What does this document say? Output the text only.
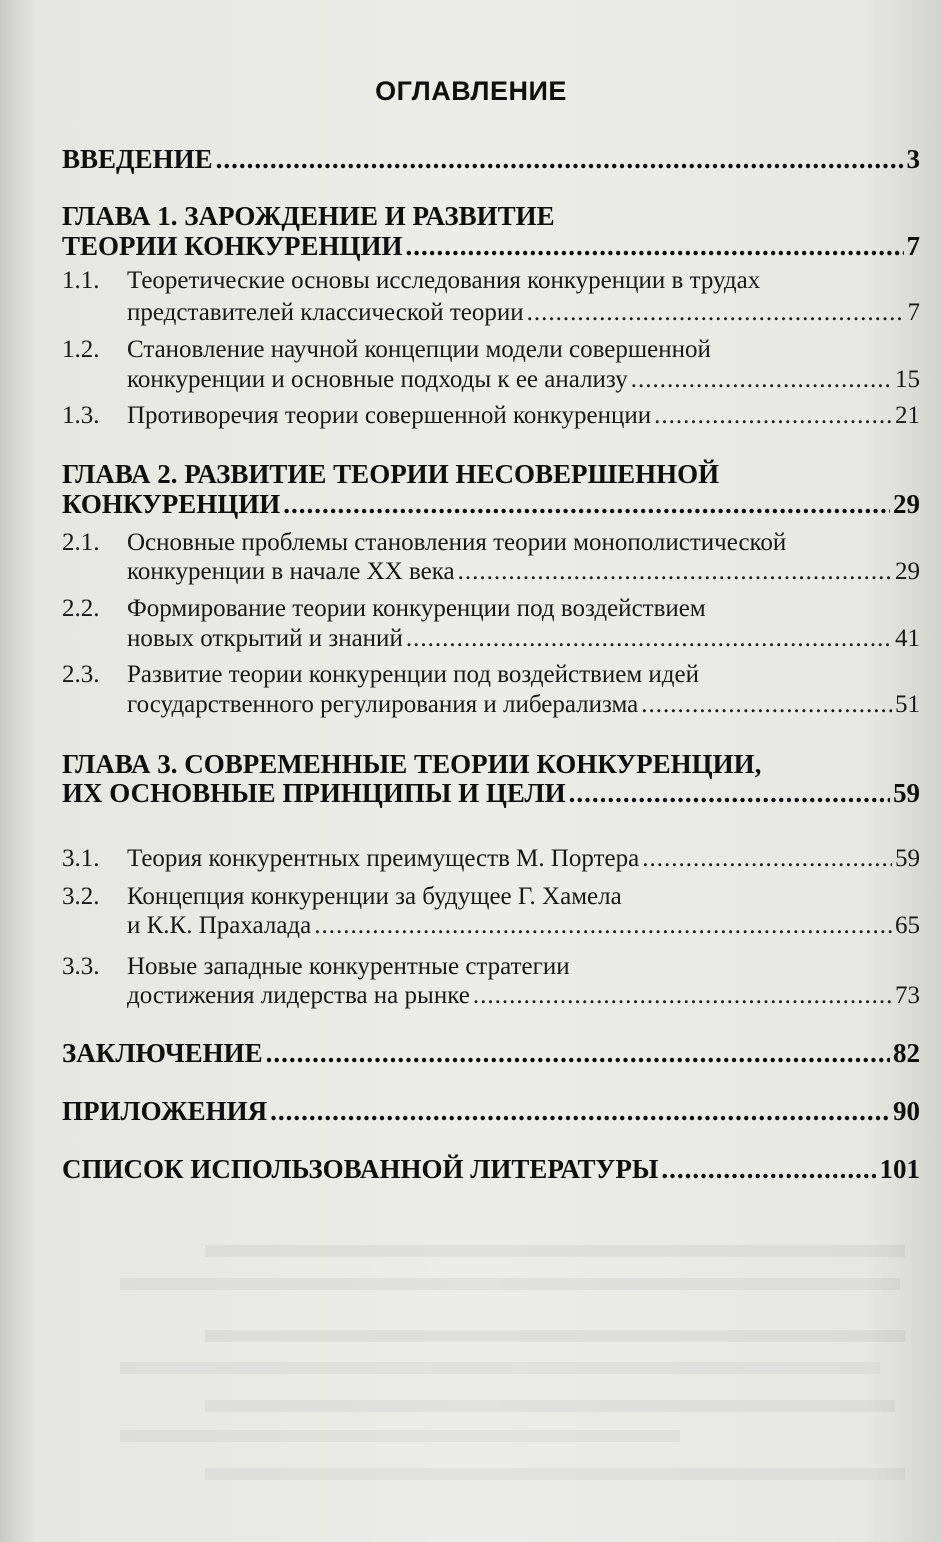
ОГЛАВЛЕНИЕ
ВВЕДЕНИЕ .....	3
ГЛАВА 1. ЗАРОЖДЕНИЕ И РАЗВИТИЕ
ТЕОРИИ КОНКУРЕНЦИИ .....	7
1.1. Теоретические основы исследования конкуренции в трудах
представителей классической теории .....	7
1.2. Становление научной концепции модели совершенной
конкуренции и основные подходы к ее анализу .....	15
1.3. Противоречия теории совершенной конкуренции .....	21
ГЛАВА 2. РАЗВИТИЕ ТЕОРИИ НЕСОВЕРШЕННОЙ
КОНКУРЕНЦИИ .....	29
2.1. Основные проблемы становления теории монополистической
конкуренции в начале XX века .....	29
2.2. Формирование теории конкуренции под воздействием
новых открытий и знаний .....	41
2.3. Развитие теории конкуренции под воздействием идей
государственного регулирования и либерализма .....	51
ГЛАВА 3. СОВРЕМЕННЫЕ ТЕОРИИ КОНКУРЕНЦИИ,
ИХ ОСНОВНЫЕ ПРИНЦИПЫ И ЦЕЛИ .....	59
3.1. Теория конкурентных преимуществ М. Портера .....	59
3.2. Концепция конкуренции за будущее Г. Хамела
и К.К. Прахалада .....	65
3.3. Новые западные конкурентные стратегии
достижения лидерства на рынке .....	73
ЗАКЛЮЧЕНИЕ .....	82
ПРИЛОЖЕНИЯ .....	90
СПИСОК ИСПОЛЬЗОВАННОЙ ЛИТЕРАТУРЫ .....	101
